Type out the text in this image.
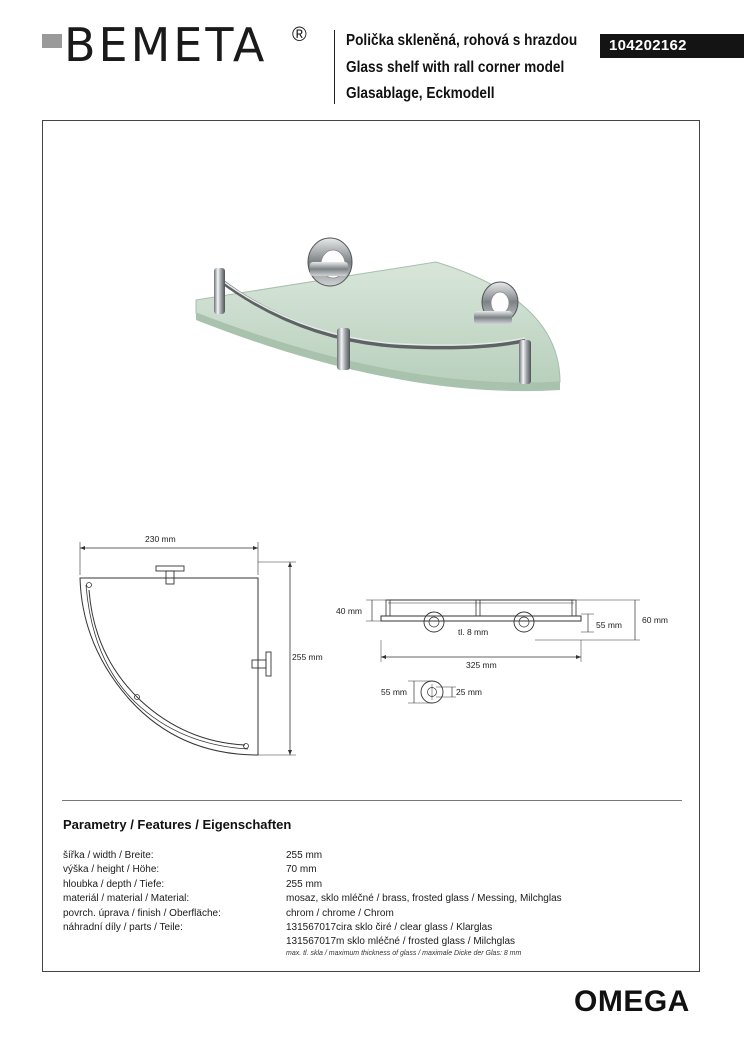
BEMETA ®	Polička skleněná, rohová s hrazdou
Glass shelf with rall corner model
Glasablage, Eckmodell
104202162
230 mm
255 mm
40 mm
55 mm 60 mm
tl. 8 mm
325 mm
55 mm	25 mm
Parametry / Features / Eigenschaften
šířka / width / Breite:	255 mm
výška / height / Höhe:	70 mm
hloubka / depth / Tiefe:	255 mm
materiál / material / Material:	mosaz, sklo mléčné / brass, frosted glass / Messing, Milchglas
povrch. úprava / finish / Oberfläche:	chrom / chrome / Chrom
náhradní díly / parts / Teile:	131567017cira sklo čiré / clear glass / Klarglas
131567017m sklo mléčné / frosted glass / Milchglas
max. tl. skla / maximum thickness of glass / maximale Dicke der Glas: 8 mm
OMEGA
